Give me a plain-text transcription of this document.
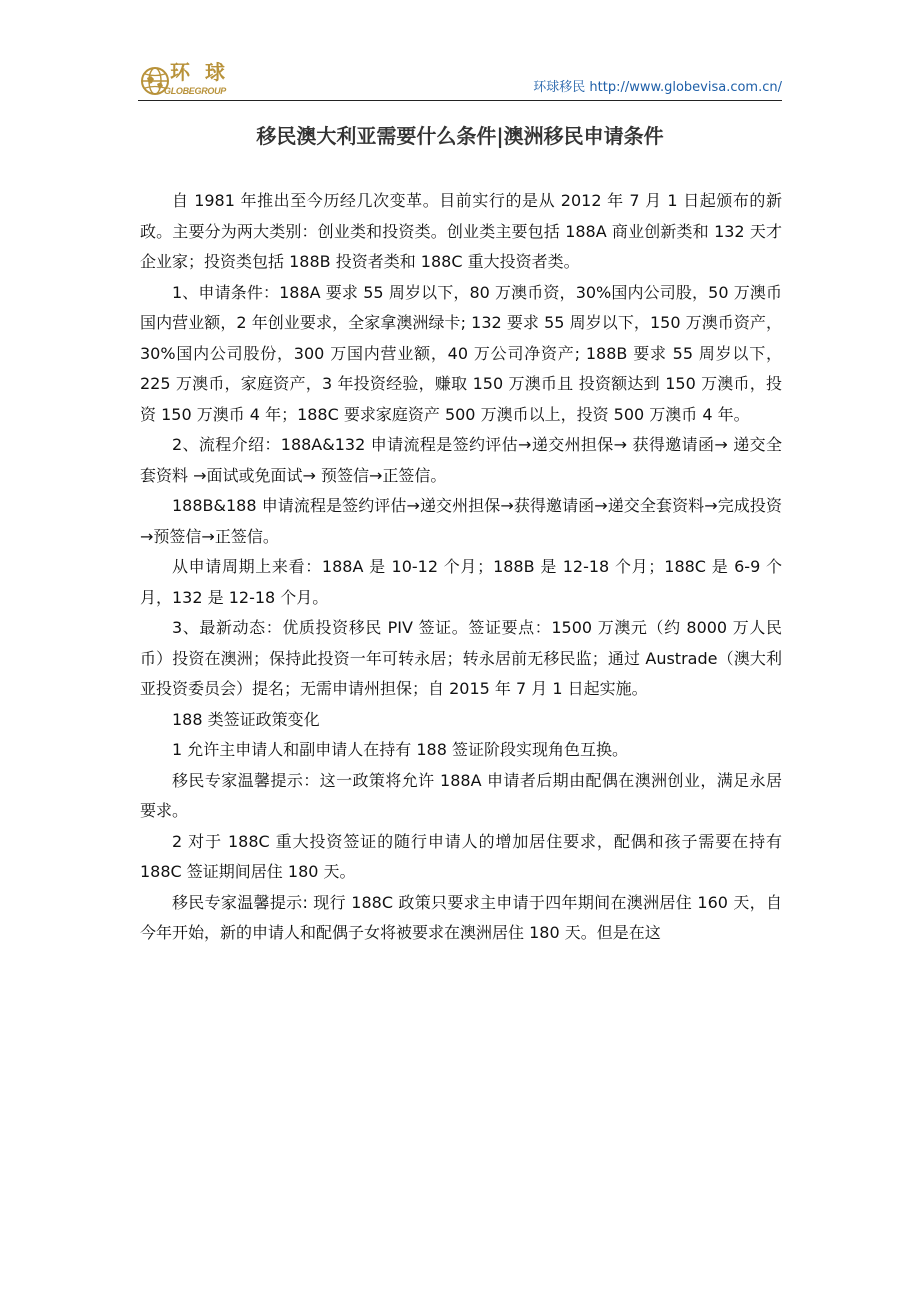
环 球
GLOBEGROUP	环球移民 http://www.globevisa.com.cn/
移民澳大利亚需要什么条件|澳洲移民申请条件

自 1981 年推出至今历经几次变革。目前实行的是从 2012 年 7 月 1 日起颁布的新政。主要分为两大类别：创业类和投资类。创业类主要包括 188A 商业创新类和 132 天才企业家；投资类包括 188B 投资者类和 188C 重大投资者类。

1、申请条件：188A 要求 55 周岁以下，80 万澳币资，30%国内公司股，50 万澳币国内营业额，2 年创业要求，全家拿澳洲绿卡; 132 要求 55 周岁以下，150 万澳币资产，30%国内公司股份，300 万国内营业额，40 万公司净资产; 188B 要求 55 周岁以下，225 万澳币，家庭资产，3 年投资经验，赚取 150 万澳币且 投资额达到 150 万澳币，投资 150 万澳币 4 年；188C 要求家庭资产 500 万澳币以上，投资 500 万澳币 4 年。

2、流程介绍：188A&132 申请流程是签约评估→递交州担保→ 获得邀请函→ 递交全套资料 →面试或免面试→ 预签信→正签信。

188B&188 申请流程是签约评估→递交州担保→获得邀请函→递交全套资料→完成投资→预签信→正签信。

从申请周期上来看：188A 是 10-12 个月；188B 是 12-18 个月；188C 是 6-9 个月，132 是 12-18 个月。

3、最新动态：优质投资移民 PIV 签证。签证要点：1500 万澳元（约 8000 万人民币）投资在澳洲；保持此投资一年可转永居；转永居前无移民监；通过 Austrade（澳大利亚投资委员会）提名；无需申请州担保；自 2015 年 7 月 1 日起实施。

188 类签证政策变化

1 允许主申请人和副申请人在持有 188 签证阶段实现角色互换。

移民专家温馨提示：这一政策将允许 188A 申请者后期由配偶在澳洲创业，满足永居要求。

2 对于 188C 重大投资签证的随行申请人的增加居住要求，配偶和孩子需要在持有 188C 签证期间居住 180 天。

移民专家温馨提示: 现行 188C 政策只要求主申请于四年期间在澳洲居住 160 天，自今年开始，新的申请人和配偶子女将被要求在澳洲居住 180 天。但是在这
